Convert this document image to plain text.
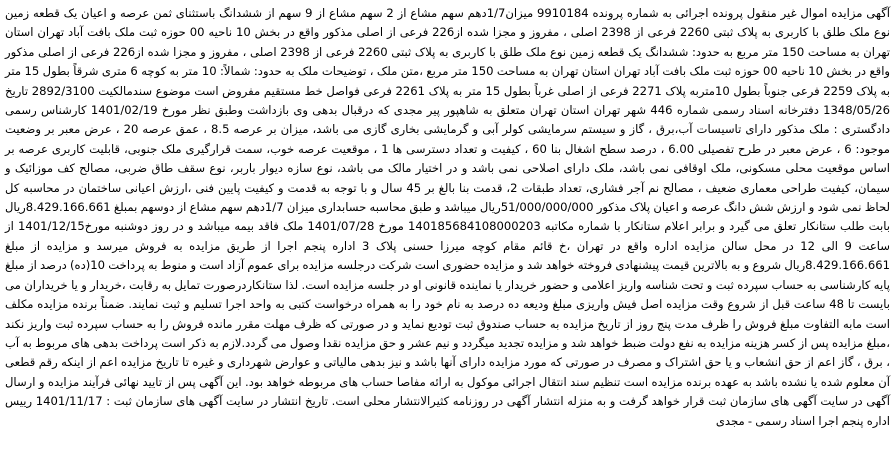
آگهی مزایده اموال غیر منقول پرونده اجرائی به شماره پرونده 9910184 میزان1/7دهم سهم مشاع از 2 سهم مشاع از 9 سهم از ششدانگ باستثنای ثمن عرصه و اعیان یک قطعه زمین نوع ملک طلق با کاربری به پلاک ثبتی 2260 فرعی از 2398 اصلی ، مفروز و مجزا شده از226 فرعی از اصلی مذکور واقع در بخش 10 ناحیه 00 حوزه ثبت ملک بافت آباد تهران استان تهران به مساحت 150 متر مربع به حدود: ششدانگ یک قطعه زمین نوع ملک طلق با کاربری به پلاک ثبتی 2260 فرعی از 2398 اصلی ، مفروز و مجزا شده از226 فرعی از اصلی مذکور واقع در بخش 10 ناحیه 00 حوزه ثبت ملک بافت آباد تهران استان تهران به مساحت 150 متر مربع ،متن ملک ، توضیحات ملک به حدود: شمالاً: 10 متر به کوچه 6 متری شرقاً بطول 15 متر به پلاک 2259 فرعی جنوباً بطول 10متربه پلاک 2271 فرعی از اصلی غرباً بطول 15 متر به پلاک 2261 فرعی فواصل خط مستقیم مفروض است موضوع سندمالکیت 2892/3100 تاریخ 1348/05/26 دفترخانه اسناد رسمی شماره 446 شهر تهران استان تهران متعلق به شاهپور پیر مجدی که درقبال بدهی وی بازداشت وطبق نظر مورخ 1401/02/19 کارشناس رسمی دادگستری : ملک مذکور دارای تاسیسات آب،برق ، گاز و سیستم سرمایشی کولر آبی و گرمایشی بخاری گازی می باشد، میزان بر عرصه 8.5 ، عمق عرصه 20 ، عرض معبر بر وضعیت موجود: 6 ، عرض معبر در طرح تفصیلی 6.00 ، درصد سطح اشغال بنا 60 ، کیفیت و تعداد دسترسی ها 1 ، موقعیت عرصه خوب، سمت قرارگیری ملک جنوبی، قابلیت کاربری عرصه بر اساس موقعیت محلی مسکونی، ملک اوقافی نمی باشد، ملک دارای اصلاحی نمی باشد و در اختیار مالک می باشد، نوع سازه دیوار باربر، نوع سقف طاق ضربی، مصالح کف موزائیک و سیمان، کیفیت طراحی معماری ضعیف ، مصالح نم آجر فشاری، تعداد طبقات 2، قدمت بنا بالغ بر 45 سال و با توجه به قدمت و کیفیت پایین فنی ،ارزش اعیانی ساختمان در محاسبه کل لحاظ نمی شود و ارزش شش دانگ عرصه و اعیان پلاک مذکور 51/000/000/000ریال میباشد و طبق محاسبه حسابداری میزان 1/7دهم سهم مشاع از دوسهم بمبلغ 8.429.166.661ریال بابت طلب ستانکار تعلق می گیرد و برابر اعلام ستانکار با شماره مکاتبه 140185684108000203 مورخ 1401/07/28 ملک فاقد بیمه میباشد و در روز دوشنبه مورخ1401/12/15 از ساعت 9 الی 12 در محل سالن مزایده اداره واقع در تهران ،خ قائم مقام کوچه میرزا حسنی پلاک 3 اداره پنجم اجرا از طریق مزایده به فروش میرسد و مزایده از مبلغ 8.429.166.661ریال شروع و به بالاترین قیمت پیشنهادی فروخته خواهد شد و مزایده حضوری است شرکت درجلسه مزایده برای عموم آزاد است و منوط به پرداخت 10(ده) درصد از مبلغ پایه کارشناسی به حساب سپرده ثبت و تحت شناسه واریز اعلامی و حضور خریدار یا نماینده قانونی او در جلسه مزایده است. لذا ستانکاردرصورت تمایل به رقابت ،خریدار و یا خریداران می بایست تا 48 ساعت قبل از شروع وقت مزایده اصل فیش واریزی مبلغ ودیعه ده درصد به نام خود را به همراه درخواست کتبی به واحد اجرا تسلیم و ثبت نمایند. ضمناً برنده مزایده مکلف است مابه التفاوت مبلغ فروش را ظرف مدت پنج روز از تاریخ مزایده به حساب صندوق ثبت تودیع نماید و در صورتی که ظرف مهلت مقرر مانده فروش را به حساب سپرده ثبت واریز نکند ،مبلغ مزایده پس از کسر هزینه مزایده به نفع دولت ضبط خواهد شد و مزایده تجدید میگردد و نیم عشر و حق مزایده نقدا وصول می گردد.لازم به ذکر است پرداخت بدهی های مربوط به آب ، برق ، گاز اعم از حق انشعاب و یا حق اشتراک و مصرف در صورتی که مورد مزایده دارای آنها باشد و نیز بدهی مالیاتی و عوارض شهرداری و غیره تا تاریخ مزایده اعم از اینکه رقم قطعی آن معلوم شده یا نشده باشد به عهده برنده مزایده است تنظیم سند انتقال اجرائی موکول به ارائه مفاصا حساب های مربوطه خواهد بود. این آگهی پس از تایید نهائی فرآیند مزایده و ارسال آگهی در سایت آگهی های سازمان ثبت قرار خواهد گرفت و به منزله انتشار آگهی در روزنامه کثیرالانتشار محلی است. تاریخ انتشار در سایت آگهی های سازمان ثبت : 1401/11/17 رییس اداره پنجم اجرا اسناد رسمی - مجدی
